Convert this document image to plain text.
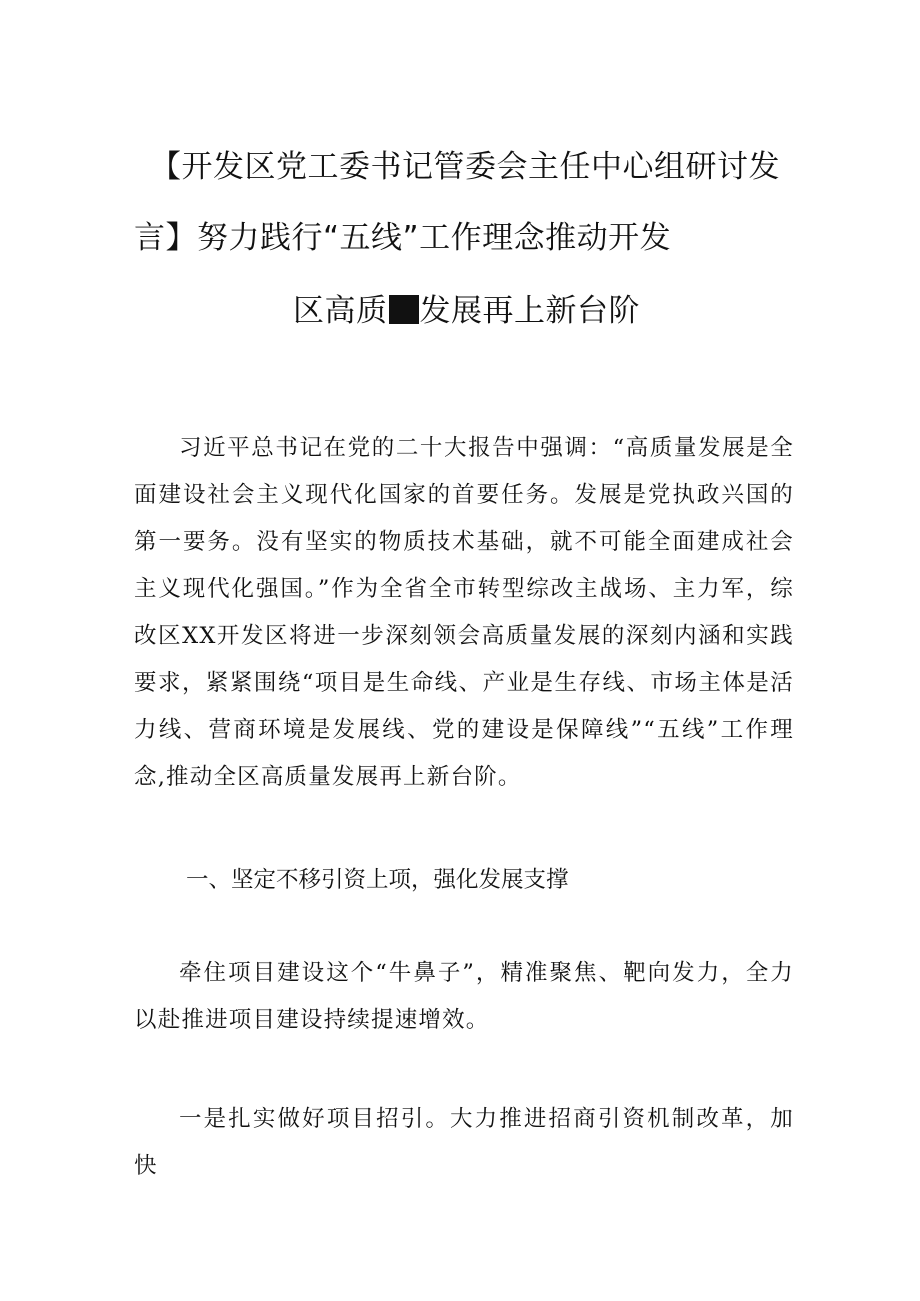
【开发区党工委书记管委会主任中心组研讨发
言】努力践行“五线”工作理念推动开发
区高质 发展再上新台阶
习近平总书记在党的二十大报告中强调：“高质量发展是全面建设社会主义现代化国家的首要任务。发展是党执政兴国的第一要务。没有坚实的物质技术基础，就不可能全面建成社会主义现代化强国。”作为全省全市转型综改主战场、主力军，综改区XX开发区将进一步深刻领会高质量发展的深刻内涵和实践要求，紧紧围绕“项目是生命线、产业是生存线、市场主体是活力线、营商环境是发展线、党的建设是保障线”“五线”工作理念,推动全区高质量发展再上新台阶。
一、坚定不移引资上项，强化发展支撑
牵住项目建设这个“牛鼻子”，精准聚焦、靶向发力，全力以赴推进项目建设持续提速增效。
一是扎实做好项目招引。大力推进招商引资机制改革，加快
